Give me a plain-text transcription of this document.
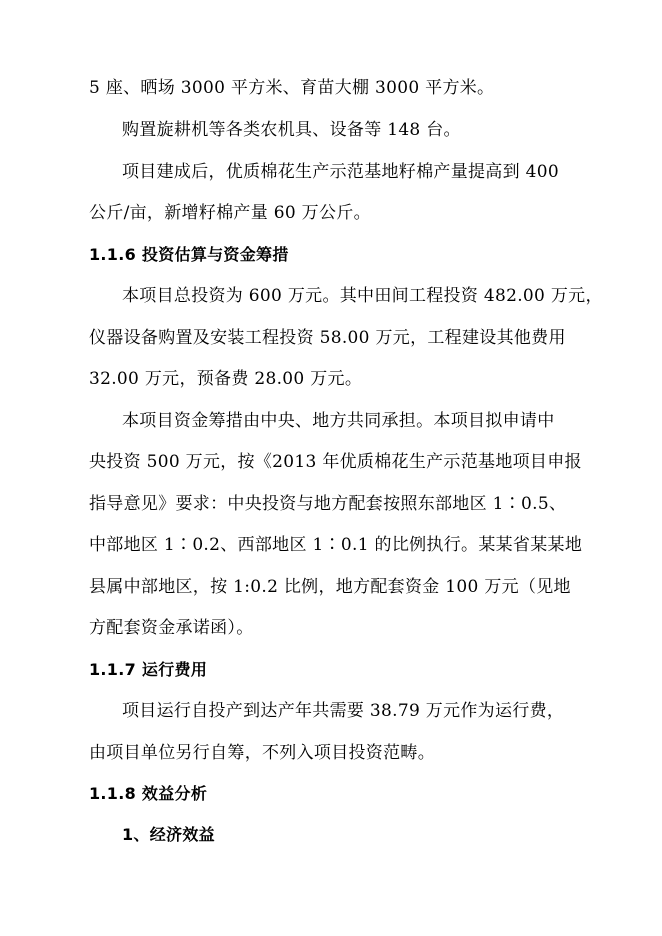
5 座、晒场 3000 平方米、育苗大棚 3000 平方米。
购置旋耕机等各类农机具、设备等 148 台。
项目建成后，优质棉花生产示范基地籽棉产量提高到 400
公斤/亩，新增籽棉产量 60 万公斤。
1.1.6 投资估算与资金筹措
本项目总投资为 600 万元。其中田间工程投资 482.00 万元，
仪器设备购置及安装工程投资 58.00 万元，工程建设其他费用
32.00 万元，预备费 28.00 万元。
本项目资金筹措由中央、地方共同承担。本项目拟申请中
央投资 500 万元，按《2013 年优质棉花生产示范基地项目申报
指导意见》要求：中央投资与地方配套按照东部地区 1∶0.5、
中部地区 1∶0.2、西部地区 1∶0.1 的比例执行。某某省某某地
县属中部地区，按 1:0.2 比例，地方配套资金 100 万元（见地
方配套资金承诺函）。
1.1.7 运行费用
项目运行自投产到达产年共需要 38.79 万元作为运行费，
由项目单位另行自筹，不列入项目投资范畴。
1.1.8 效益分析
1、经济效益
